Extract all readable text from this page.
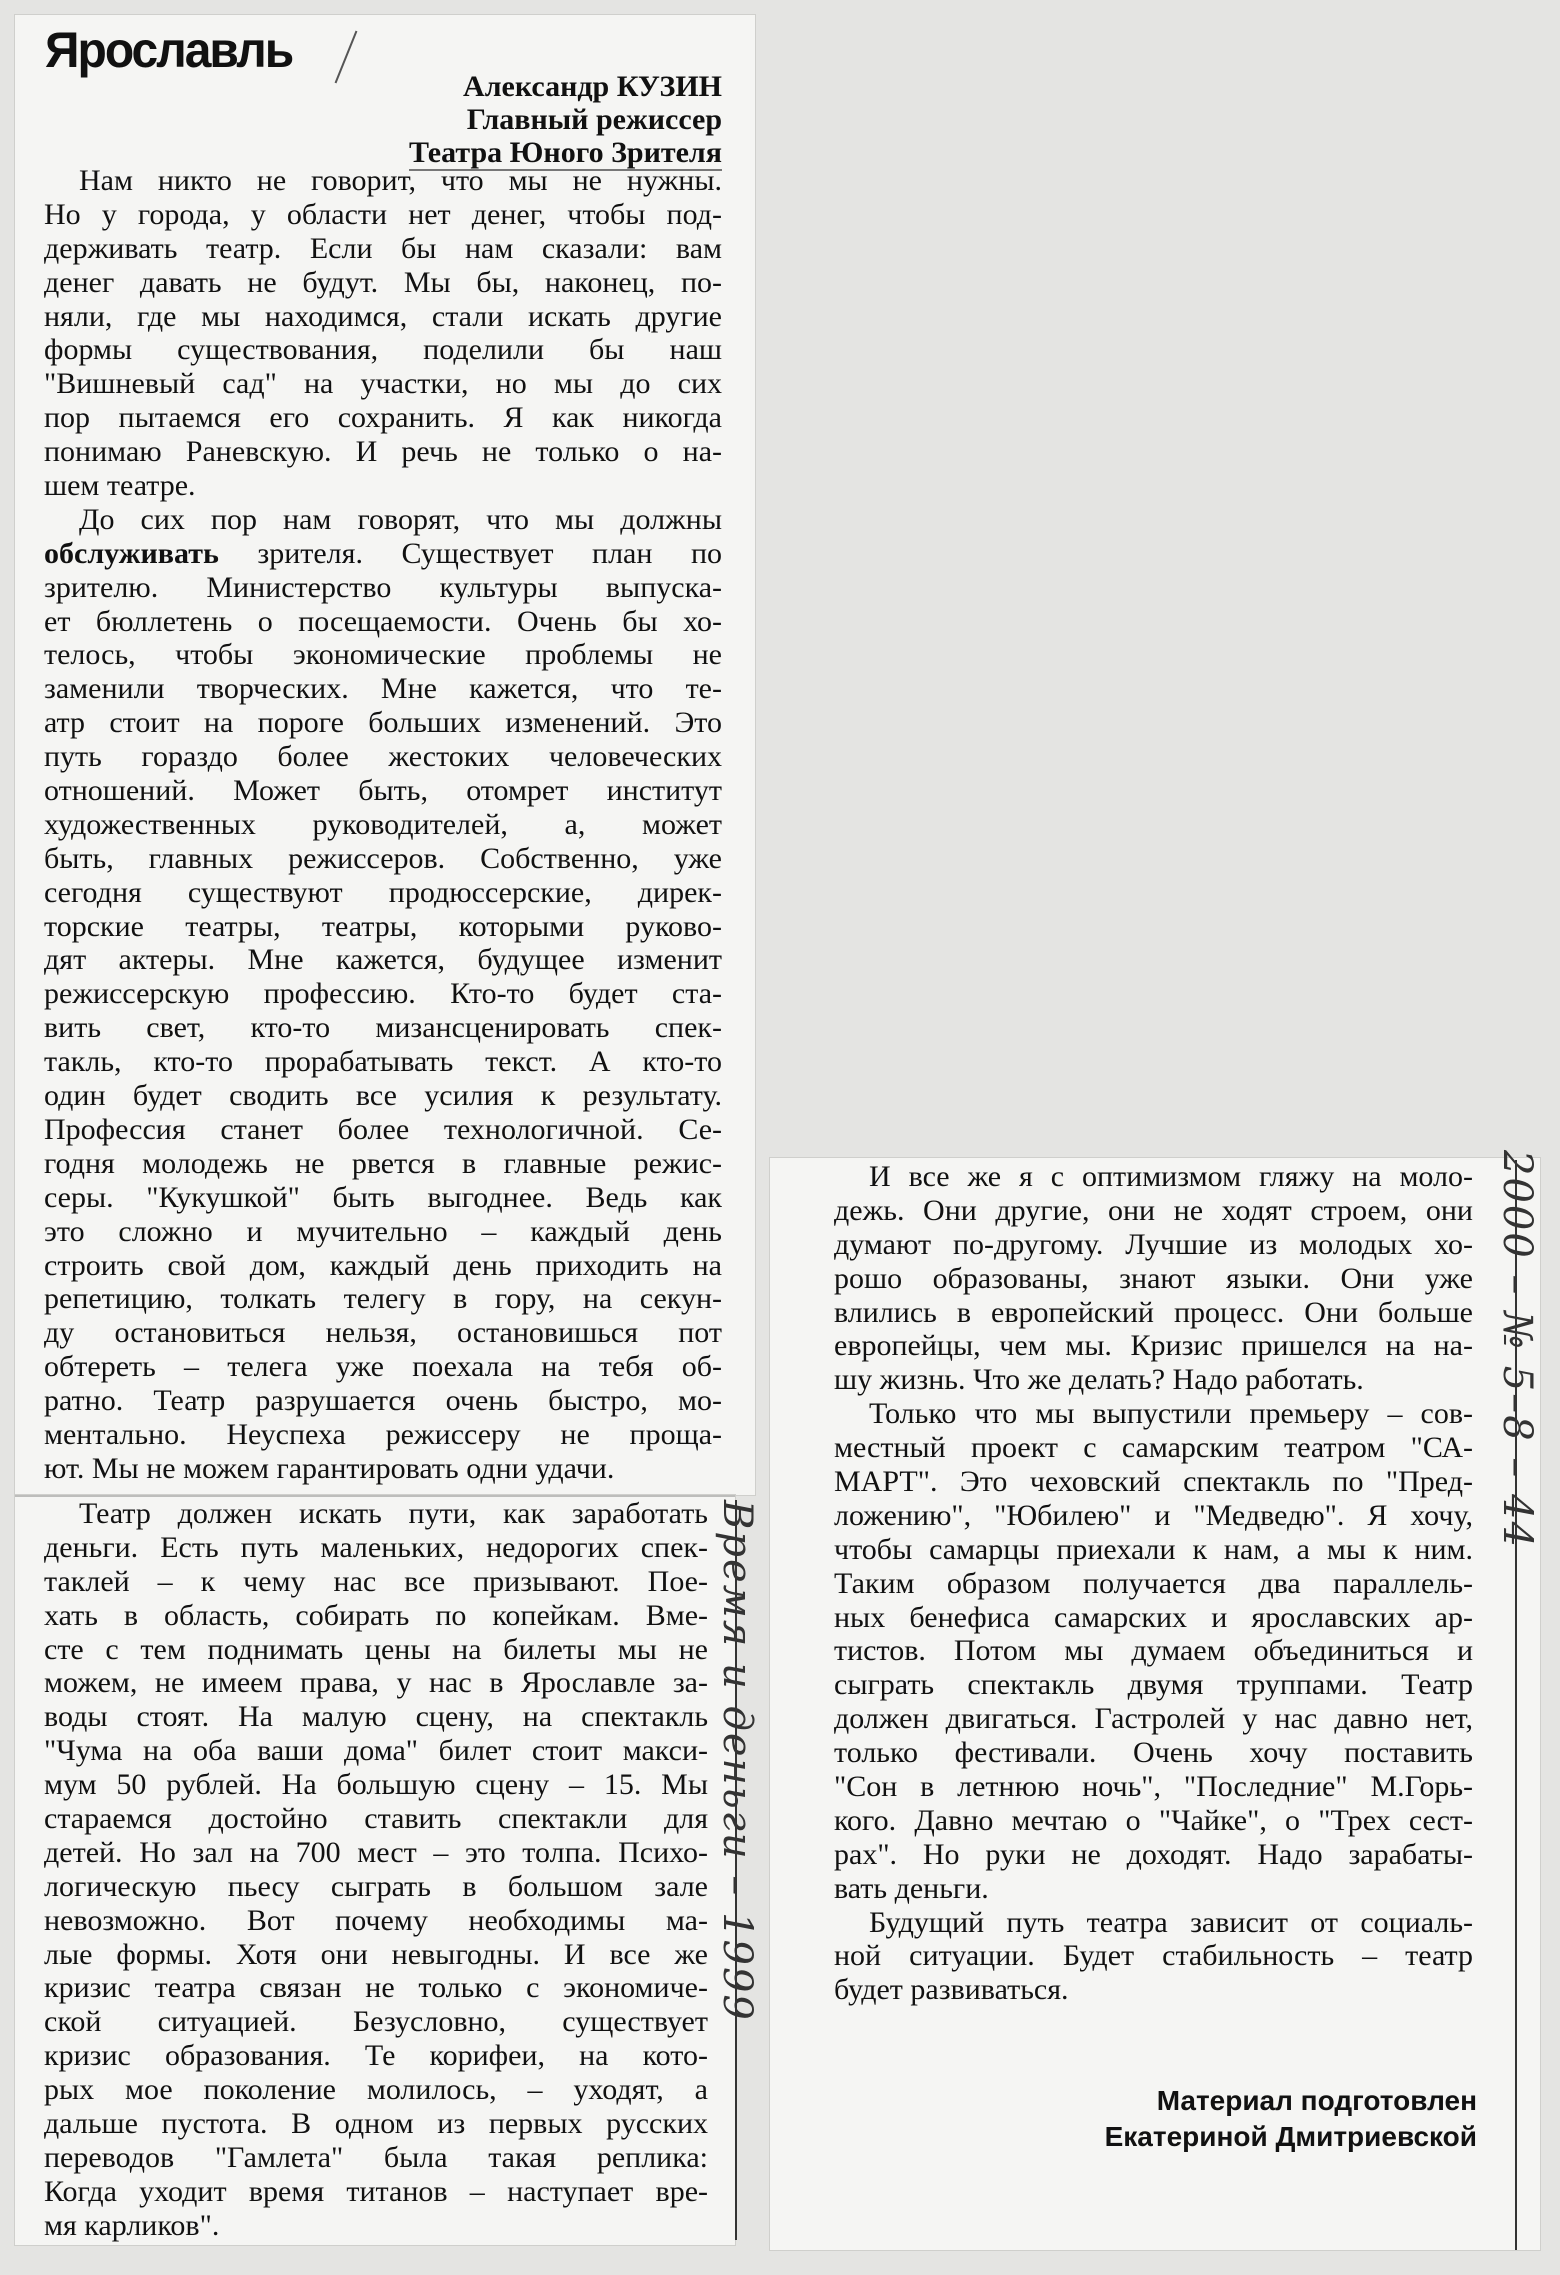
Ярославль
Александр КУЗИН
Главный режиссер
Театра Юного Зрителя
Нам никто не говорит, что мы не нужны.
Но у города, у области нет денег, чтобы под-
держивать театр. Если бы нам сказали: вам
денег давать не будут. Мы бы, наконец, по-
няли, где мы находимся, стали искать другие
формы существования, поделили бы наш
"Вишневый сад" на участки, но мы до сих
пор пытаемся его сохранить. Я как никогда
понимаю Раневскую. И речь не только о на-
шем театре.
До сих пор нам говорят, что мы должны
обслуживать зрителя. Существует план по
зрителю. Министерство культуры выпуска-
ет бюллетень о посещаемости. Очень бы хо-
телось, чтобы экономические проблемы не
заменили творческих. Мне кажется, что те-
атр стоит на пороге больших изменений. Это
путь гораздо более жестоких человеческих
отношений. Может быть, отомрет институт
художественных руководителей, а, может
быть, главных режиссеров. Собственно, уже
сегодня существуют продюссерские, дирек-
торские театры, театры, которыми руково-
дят актеры. Мне кажется, будущее изменит
режиссерскую профессию. Кто-то будет ста-
вить свет, кто-то мизансценировать спек-
такль, кто-то прорабатывать текст. А кто-то
один будет сводить все усилия к результату.
Профессия станет более технологичной. Се-
годня молодежь не рвется в главные режис-
серы. "Кукушкой" быть выгоднее. Ведь как
это сложно и мучительно – каждый день
строить свой дом, каждый день приходить на
репетицию, толкать телегу в гору, на секун-
ду остановиться нельзя, остановишься пот
обтереть – телега уже поехала на тебя об-
ратно. Театр разрушается очень быстро, мо-
ментально. Неуспеха режиссеру не проща-
ют. Мы не можем гарантировать одни удачи.
Театр должен искать пути, как заработать
деньги. Есть путь маленьких, недорогих спек-
таклей – к чему нас все призывают. Пое-
хать в область, собирать по копейкам. Вме-
сте с тем поднимать цены на билеты мы не
можем, не имеем права, у нас в Ярославле за-
воды стоят. На малую сцену, на спектакль
"Чума на оба ваши дома" билет стоит макси-
мум 50 рублей. На большую сцену – 15. Мы
стараемся достойно ставить спектакли для
детей. Но зал на 700 мест – это толпа. Психо-
логическую пьесу сыграть в большом зале
невозможно. Вот почему необходимы ма-
лые формы. Хотя они невыгодны. И все же
кризис театра связан не только с экономиче-
ской ситуацией. Безусловно, существует
кризис образования. Те корифеи, на кото-
рых мое поколение молилось, – уходят, а
дальше пустота. В одном из первых русских
переводов "Гамлета" была такая реплика:
Когда уходит время титанов – наступает вре-
мя карликов".
И все же я с оптимизмом гляжу на моло-
дежь. Они другие, они не ходят строем, они
думают по-другому. Лучшие из молодых хо-
рошо образованы, знают языки. Они уже
влились в европейский процесс. Они больше
европейцы, чем мы. Кризис пришелся на на-
шу жизнь. Что же делать? Надо работать.
Только что мы выпустили премьеру – сов-
местный проект с самарским театром "СА-
МАРТ". Это чеховский спектакль по "Пред-
ложению", "Юбилею" и "Медведю". Я хочу,
чтобы самарцы приехали к нам, а мы к ним.
Таким образом получается два параллель-
ных бенефиса самарских и ярославских ар-
тистов. Потом мы думаем объединиться и
сыграть спектакль двумя труппами. Театр
должен двигаться. Гастролей у нас давно нет,
только фестивали. Очень хочу поставить
"Сон в летнюю ночь", "Последние" М.Горь-
кого. Давно мечтаю о "Чайке", о "Трех сест-
рах". Но руки не доходят. Надо зарабаты-
вать деньги.
Будущий путь театра зависит от социаль-
ной ситуации. Будет стабильность – театр
будет развиваться.
Материал подготовлен
Екатериной Дмитриевской
Время и деньги – 1999
2000 – № 5–8 – 44
